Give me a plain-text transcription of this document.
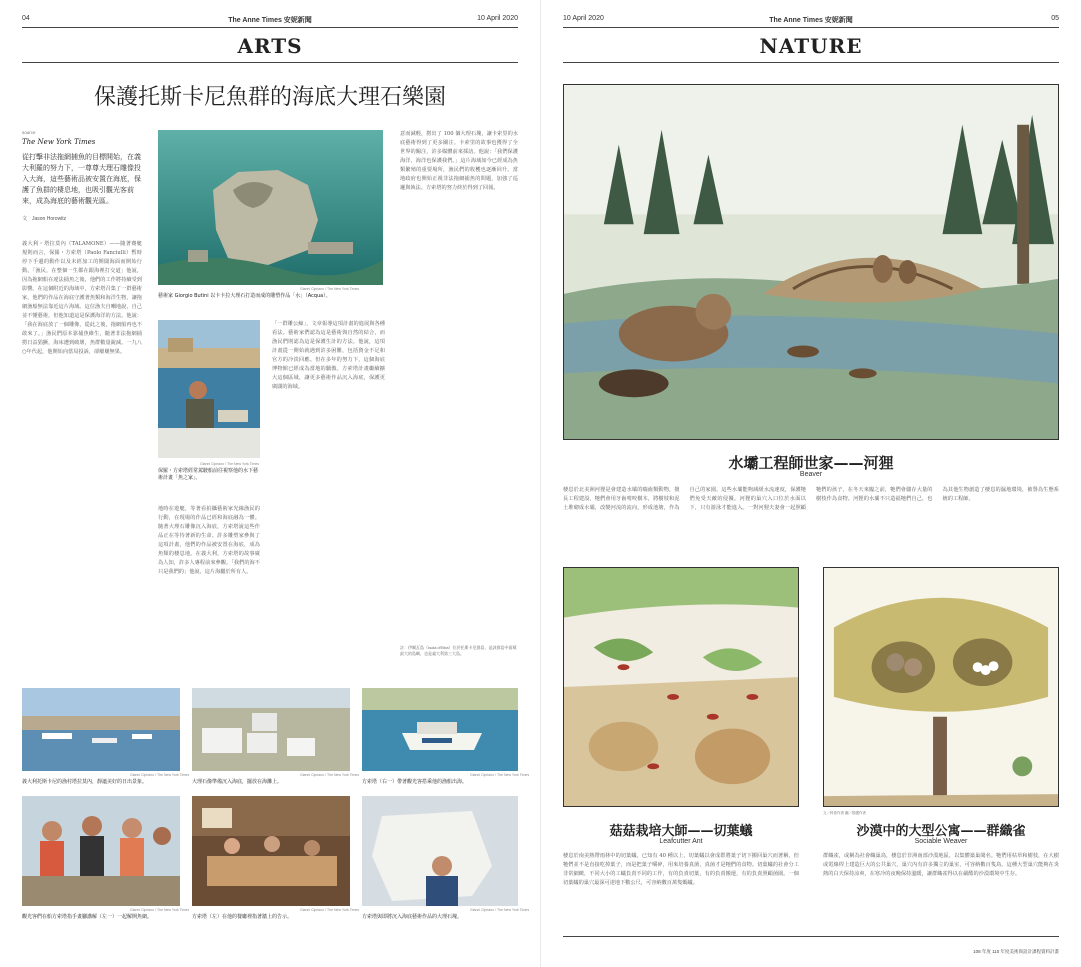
04	The Anne Times 安妮新聞	10 April 2020
ARTS
保護托斯卡尼魚群的海底大理石樂園
source
The New York Times
從打擊非法拖網捕魚的目標開始，在義大利羅的努力下，一尊尊大理石雕像投入大海，這些藝術品被安置在海底，保護了魚群的棲息地，也吸引觀光客前來，成為海底的藝術觀光區。
文　Jason Horowitz
義大利・塔拉莫內（TALAMONE）——隨著賽艇規則而言，保羅・方索塔（Paolo Fanciulli）暫時停下手邊的動作以及未經加工的開闊海面而開始行動。「漁民，在整個一生都在跟海裡打交道」他說，因為拖網船在違法捕魚之後，他們的工作將持續受到影響。在這個附近的海域中，方索塔召集了一群藝術家，他們的作品在海底守護著魚類和海洋生物，讓拖網漁船無法靠近這片海域。這位漁夫自嘲地說，自己並不懂藝術，但他知道這是保護海洋的方法。他說：「我在海底放了一個雕像，從此之後，拖網船再也不敢來了。」漁民們原本靠捕魚維生，隨著非法拖網捕撈日益猖獗，海床遭到破壞，魚群數量銳減。一九八○年代起，他開始向當局投訴，卻屢屢無果。
Gianni Cipriano / The New York Times
藝術家 Giorgio Butini 以卡卡拉大理石打造而成的雕塑作品「水」（Acqua）。
Gianni Cipriano / The New York Times
保羅・方索塔經常駕駛船前往視察他的水下藝術計畫「魚之家」。
地時在遊艇，等著看拍攝藝術家光線漁民的行動，在現場的作品已經和海底融為一體。隨著大理石雕像沉入海底，方索塔說這些作品正在等待著新的生命。許多雕塑家參與了這項計畫，他們的作品被安置在海底，成為魚類的棲息地。在義大利，方索塔的故事廣為人知，許多人專程前來參觀。「我們的海不只是我們的」他說，這片海屬於所有人。
「一群雕公鯨」，文章報導這項計畫的進展與各種看法。藝術家們認為這是藝術與自然的結合，而漁民們則認為這是保護生計的方法。他說，這項計畫從一開始就遇到許多困難，包括資金不足和官方的冷淡回應。但在多年的努力下，這個海底博物館已經成為當地的驕傲。方索塔計畫繼續擴大這個區域，讓更多藝術作品沉入海底，保護更廣闊的海域。
意而減輕，撈出了 100 個大理石塊，讓卡索里的水底藝術得到了更多關注。卡索里的故事也獲得了全世界的關注，許多媒體前來採訪。他說：「我們保護海洋，海洋也保護我們。」這片海域如今已經成為魚類繁殖的重要場所，漁民們的收穫也逐漸回升。當地政府也開始正視非法拖網捕魚的問題，加強了巡邏與執法。方索塔的努力終於得到了回報。
註：伊爾瓦島（Isola d'Elba）位於托斯卡尼群島，是該群島中面積最大的島嶼，也是義大利第三大島。
Gianni Cipriano / The New York Times	Gianni Cipriano / The New York Times	Gianni Cipriano / The New York Times
義大利托斯卡尼的漁村塔拉莫內，靜謐美好的日出景象。	大理石像準備沉入海底，擺放在海灘上。	方索塔（右一）帶著觀光客搭乘他的漁船出海。
Gianni Cipriano / The New York Times	Gianni Cipriano / The New York Times	Gianni Cipriano / The New York Times
觀光客們在船方索塔指手畫腳講解（左一）一起解開魚網。	方索塔（左）在他的餐廳裡指著牆上的告示。	方索塔與即將沉入海底藝術作品的大理石塊。
10 April 2020	The Anne Times 安妮新聞	05
NATURE
水壩工程師世家——河狸
Beaver
棲息於北美洲河狸是會建造水壩的嚙齒類動物，擅長工程建設，牠們會用牙齒啃咬樹木，將樹枝和泥土堆砌成水壩，改變河流的流向，形成池塘，作為自己的家園。這些水壩能夠減緩水流速度，保護牠們免受天敵的侵擾。河狸的巢穴入口位於水面以下，只有游泳才能進入。一對河狸夫妻會一起照顧牠們的孩子，在冬天來臨之前，牠們會儲存大量的樹枝作為食物。河狸的水壩不只造福牠們自己，也為其他生物創造了棲息的濕地環境，被譽為生態系統的工程師。
菇菇栽培大師——切葉蟻
Leafcutter Ant
棲息於南美熱帶雨林中的切葉蟻，已知有 40 種以上，切葉蟻以會成群將葉子切下搬回巢穴而著稱，但牠們並不是直接吃掉葉子，而是把葉子嚼碎，用來培養真菌，真菌才是牠們的食物。切葉蟻的社會分工非常細緻，不同大小的工蟻負責不同的工作，有的負責切葉，有的負責搬運，有的負責照顧菌園。一個切葉蟻的巢穴最深可達地下數公尺，可容納數百萬隻螞蟻。
沙漠中的大型公寓——群織雀
Sociable Weaver
群織雀，或稱為社會織巢鳥，棲息於非洲南部沙漠地區，以集體築巢聞名。牠們用枯草和樹枝，在大樹或電線桿上建造巨大的公共巢穴，巢穴內有許多獨立的巢室，可容納數百隻鳥。這種大型巢穴能夠在炎熱的白天保持涼爽，在寒冷的夜晚保持溫暖，讓群織雀得以在嚴酷的沙漠環境中生存。
108 年度 110 年度美術與設計課程資料計畫
文／科普作者 圖／插畫作者
